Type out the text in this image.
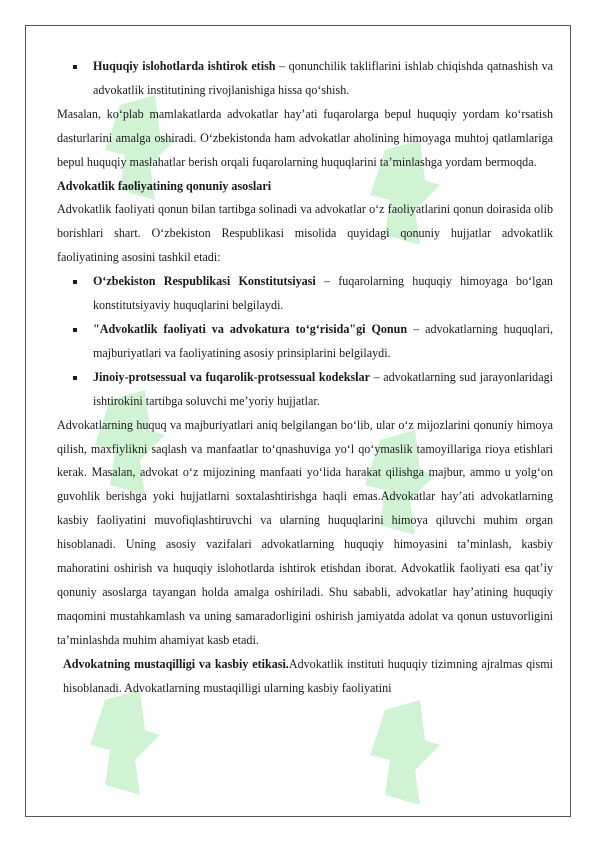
Huquqiy islohotlarda ishtirok etish – qonunchilik takliflarini ishlab chiqishda qatnashish va advokatlik institutining rivojlanishiga hissa qo‘shish.

Masalan, ko‘plab mamlakatlarda advokatlar hay’ati fuqarolarga bepul huquqiy yordam ko‘rsatish dasturlarini amalga oshiradi. O‘zbekistonda ham advokatlar aholining himoyaga muhtoj qatlamlariga bepul huquqiy maslahatlar berish orqali fuqarolarning huquqlarini ta’minlashga yordam bermoqda.

Advokatlik faoliyatining qonuniy asoslari

Advokatlik faoliyati qonun bilan tartibga solinadi va advokatlar o‘z faoliyatlarini qonun doirasida olib borishlari shart. O‘zbekiston Respublikasi misolida quyidagi qonuniy hujjatlar advokatlik faoliyatining asosini tashkil etadi:

O‘zbekiston Respublikasi Konstitutsiyasi – fuqarolarning huquqiy himoyaga bo‘lgan konstitutsiyaviy huquqlarini belgilaydi.
"Advokatlik faoliyati va advokatura to‘g‘risida"gi Qonun – advokatlarning huquqlari, majburiyatlari va faoliyatining asosiy prinsiplarini belgilaydi.
Jinoiy-protsessual va fuqarolik-protsessual kodekslar – advokatlarning sud jarayonlaridagi ishtirokini tartibga soluvchi me’yoriy hujjatlar.

Advokatlarning huquq va majburiyatlari aniq belgilangan bo‘lib, ular o‘z mijozlarini qonuniy himoya qilish, maxfiylikni saqlash va manfaatlar to‘qnashuviga yo‘l qo‘ymaslik tamoyillariga rioya etishlari kerak. Masalan, advokat o‘z mijozining manfaati yo‘lida harakat qilishga majbur, ammo u yolg‘on guvohlik berishga yoki hujjatlarni soxtalashtirishga haqli emas.Advokatlar hay’ati advokatlarning kasbiy faoliyatini muvofiqlashtiruvchi va ularning huquqlarini himoya qiluvchi muhim organ hisoblanadi. Uning asosiy vazifalari advokatlarning huquqiy himoyasini ta’minlash, kasbiy mahoratini oshirish va huquqiy islohotlarda ishtirok etishdan iborat. Advokatlik faoliyati esa qat’iy qonuniy asoslarga tayangan holda amalga oshiriladi. Shu sababli, advokatlar hay’atining huquqiy maqomini mustahkamlash va uning samaradorligini oshirish jamiyatda adolat va qonun ustuvorligini ta’minlashda muhim ahamiyat kasb etadi.

Advokatning mustaqilligi va kasbiy etikasi.Advokatlik instituti huquqiy tizimning ajralmas qismi hisoblanadi. Advokatlarning mustaqilligi ularning kasbiy faoliyatini
